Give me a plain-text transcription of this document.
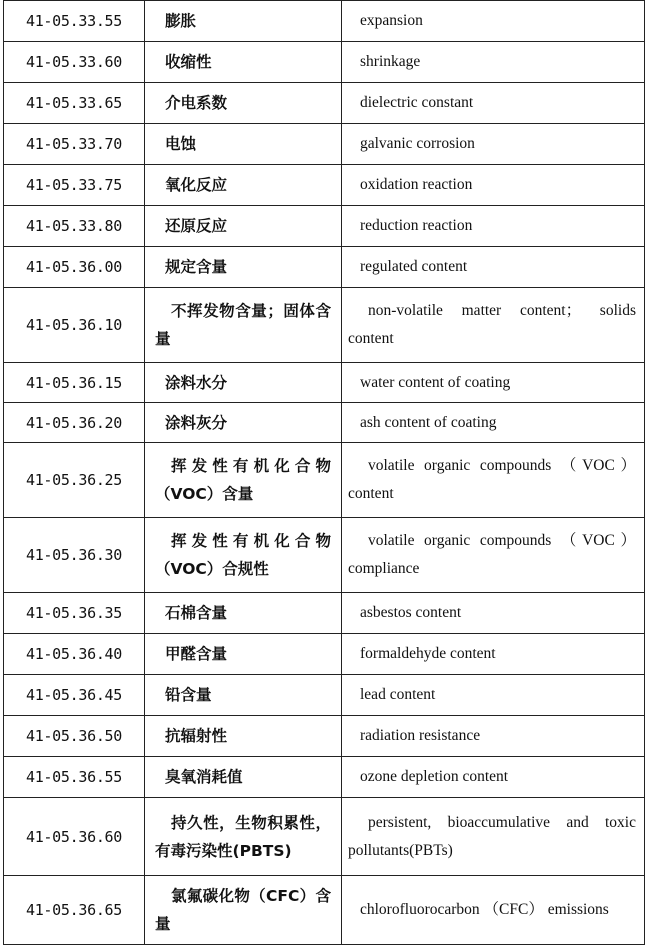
41-05.33.55	膨胀	expansion
41-05.33.60	收缩性	shrinkage
41-05.33.65	介电系数	dielectric constant
41-05.33.70	电蚀	galvanic corrosion
41-05.33.75	氧化反应	oxidation reaction
41-05.33.80	还原反应	reduction reaction
41-05.36.00	规定含量	regulated content
41-05.36.10	不挥发物含量；固体含量	non-volatile matter content； solids content
41-05.36.15	涂料水分	water content of coating
41-05.36.20	涂料灰分	ash content of coating
41-05.36.25	挥发性有机化合物（VOC）含量	volatile organic compounds （VOC） content
41-05.36.30	挥发性有机化合物（VOC）合规性	volatile organic compounds （VOC） compliance
41-05.36.35	石棉含量	asbestos content
41-05.36.40	甲醛含量	formaldehyde content
41-05.36.45	铅含量	lead content
41-05.36.50	抗辐射性	radiation resistance
41-05.36.55	臭氧消耗值	ozone depletion content
41-05.36.60	持久性，生物积累性，有毒污染性(PBTS)	persistent, bioaccumulative and toxic pollutants(PBTs)
41-05.36.65	氯氟碳化物（CFC）含量	chlorofluorocarbon （CFC） emissions
